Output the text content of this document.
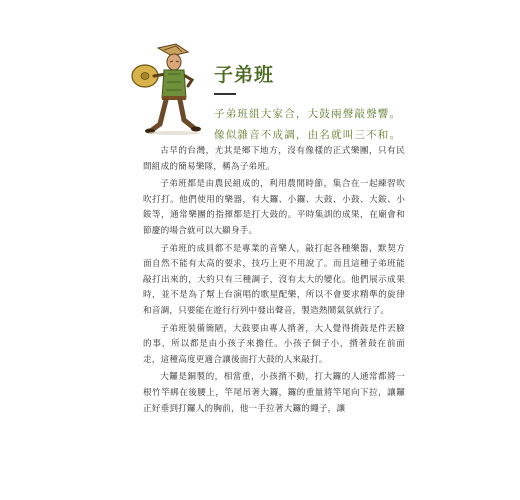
子弟班
子弟班組大家合，大鼓兩聲敲聲響。
像似雜音不成調，由名就叫三不和。

古早的台灣，尤其是鄉下地方，沒有像樣的正式樂團，只有民間組成的簡易樂隊，稱為子弟班。

子弟班都是由農民組成的，利用農閒時節，集合在一起練習吹吹打打。他們使用的樂器，有大鑼、小鑼、大鼓、小鼓、大鈸、小鈸等，通常樂團的指揮都是打大鼓的。平時集訓的成果，在廟會和節慶的場合就可以大顯身手。

子弟班的成員都不是專業的音樂人，敲打起各種樂器，默契方面自然不能有太高的要求，技巧上更不用說了。而且這種子弟班能敲打出來的，大約只有三種調子，沒有太大的變化。他們展示成果時，並不是為了幫上台演唱的歌星配樂，所以不會要求精準的旋律和音調，只要能在遊行行列中發出聲音，製造熱鬧氣氛就行了。

子弟班裝備簡陋，大鼓要由專人揹著，大人覺得揹鼓是件丟臉的事，所以都是由小孩子來擔任。小孩子個子小，揹著鼓在前面走，這種高度更適合讓後面打大鼓的人來敲打。

大鑼是銅製的，相當重，小孩揹不動，打大鑼的人通常都將一根竹竿綁在後腰上，竿尾吊著大鑼，鑼的重量將竿尾向下拉，讓鑼正好垂到打鑼人的胸前，他一手拉著大鑼的繩子，讓
